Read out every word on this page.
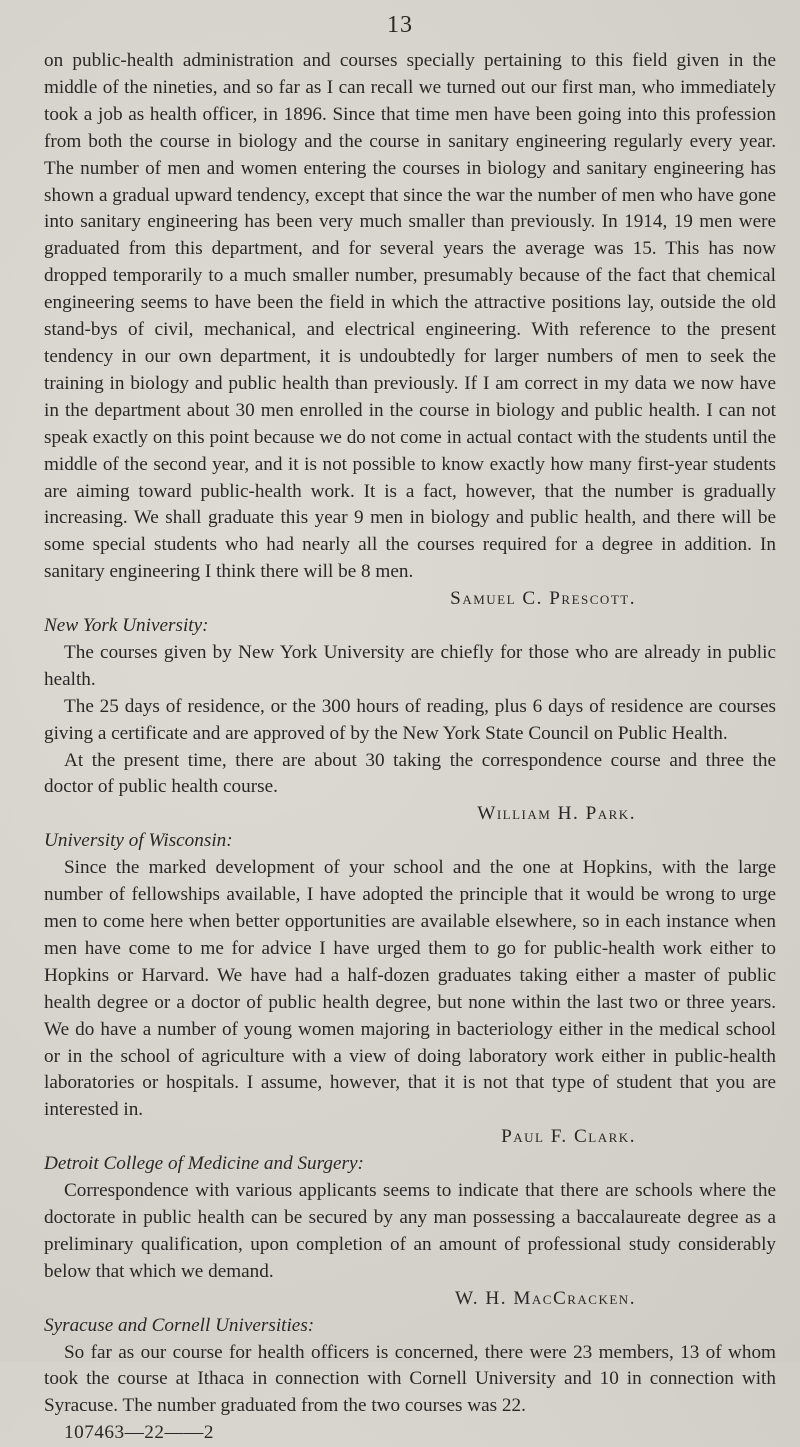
13

on public-health administration and courses specially pertaining to this field given in the middle of the nineties, and so far as I can recall we turned out our first man, who immediately took a job as health officer, in 1896. Since that time men have been going into this profession from both the course in biology and the course in sanitary engineering regularly every year. The number of men and women entering the courses in biology and sanitary engineering has shown a gradual upward tendency, except that since the war the number of men who have gone into sanitary engineering has been very much smaller than previously. In 1914, 19 men were graduated from this department, and for several years the average was 15. This has now dropped temporarily to a much smaller number, presumably because of the fact that chemical engineering seems to have been the field in which the attractive positions lay, outside the old stand-bys of civil, mechanical, and electrical engineering. With reference to the present tendency in our own department, it is undoubtedly for larger numbers of men to seek the training in biology and public health than previously. If I am correct in my data we now have in the department about 30 men enrolled in the course in biology and public health. I can not speak exactly on this point because we do not come in actual contact with the students until the middle of the second year, and it is not possible to know exactly how many first-year students are aiming toward public-health work. It is a fact, however, that the number is gradually increasing. We shall graduate this year 9 men in biology and public health, and there will be some special students who had nearly all the courses required for a degree in addition. In sanitary engineering I think there will be 8 men.

Samuel C. Prescott.

New York University:

The courses given by New York University are chiefly for those who are already in public health.

The 25 days of residence, or the 300 hours of reading, plus 6 days of residence are courses giving a certificate and are approved of by the New York State Council on Public Health.

At the present time, there are about 30 taking the correspondence course and three the doctor of public health course.

William H. Park.

University of Wisconsin:

Since the marked development of your school and the one at Hopkins, with the large number of fellowships available, I have adopted the principle that it would be wrong to urge men to come here when better opportunities are available elsewhere, so in each instance when men have come to me for advice I have urged them to go for public-health work either to Hopkins or Harvard. We have had a half-dozen graduates taking either a master of public health degree or a doctor of public health degree, but none within the last two or three years. We do have a number of young women majoring in bacteriology either in the medical school or in the school of agriculture with a view of doing laboratory work either in public-health laboratories or hospitals. I assume, however, that it is not that type of student that you are interested in.

Paul F. Clark.

Detroit College of Medicine and Surgery:

Correspondence with various applicants seems to indicate that there are schools where the doctorate in public health can be secured by any man possessing a baccalaureate degree as a preliminary qualification, upon completion of an amount of professional study considerably below that which we demand.

W. H. MacCracken.

Syracuse and Cornell Universities:

So far as our course for health officers is concerned, there were 23 members, 13 of whom took the course at Ithaca in connection with Cornell University and 10 in connection with Syracuse. The number graduated from the two courses was 22.

107463—22——2
